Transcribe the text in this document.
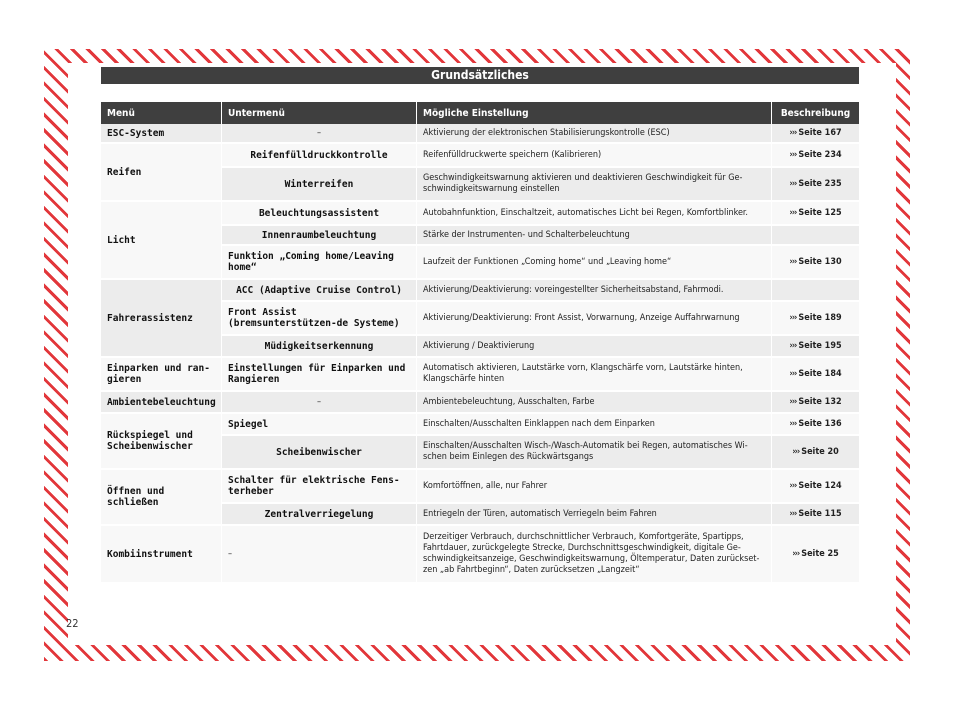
Grundsätzliches
Menü	Untermenü	Mögliche Einstellung	Beschreibung
ESC-System	–	Aktivierung der elektronischen Stabilisierungskontrolle (ESC)	››› Seite 167
Reifen	Reifenfülldruckkontrolle	Reifenfülldruckwerte speichern (Kalibrieren)	››› Seite 234
	Winterreifen	Geschwindigkeitswarnung aktivieren und deaktivieren Geschwindigkeit für Ge-schwindigkeitswarnung einstellen	››› Seite 235
Licht	Beleuchtungsassistent	Autobahnfunktion, Einschaltzeit, automatisches Licht bei Regen, Komfortblinker.	››› Seite 125
	Innenraumbeleuchtung	Stärke der Instrumenten- und Schalterbeleuchtung	
	Funktion „Coming home/Leaving home“	Laufzeit der Funktionen „Coming home“ und „Leaving home“	››› Seite 130
Fahrerassistenz	ACC (Adaptive Cruise Control)	Aktivierung/Deaktivierung: voreingestellter Sicherheitsabstand, Fahrmodi.	
	Front Assist (bremsunterstützen-de Systeme)	Aktivierung/Deaktivierung: Front Assist, Vorwarnung, Anzeige Auffahrwarnung	››› Seite 189
	Müdigkeitserkennung	Aktivierung / Deaktivierung	››› Seite 195
Einparken und ran-gieren	Einstellungen für Einparken und Rangieren	Automatisch aktivieren, Lautstärke vorn, Klangschärfe vorn, Lautstärke hinten, Klangschärfe hinten	››› Seite 184
Ambientebeleuchtung	–	Ambientebeleuchtung, Ausschalten, Farbe	››› Seite 132
Rückspiegel und Scheibenwischer	Spiegel	Einschalten/Ausschalten Einklappen nach dem Einparken	››› Seite 136
	Scheibenwischer	Einschalten/Ausschalten Wisch-/Wasch-Automatik bei Regen, automatisches Wi-schen beim Einlegen des Rückwärtsgangs	››› Seite 20
Öffnen und schließen	Schalter für elektrische Fens-terheber	Komfortöffnen, alle, nur Fahrer	››› Seite 124
	Zentralverriegelung	Entriegeln der Türen, automatisch Verriegeln beim Fahren	››› Seite 115
Kombiinstrument	–	Derzeitiger Verbrauch, durchschnittlicher Verbrauch, Komfortgeräte, Spartipps, Fahrtdauer, zurückgelegte Strecke, Durchschnittsgeschwindigkeit, digitale Ge-schwindigkeitsanzeige, Geschwindigkeitswarnung, Öltemperatur, Daten zurückset-zen „ab Fahrtbeginn“, Daten zurücksetzen „Langzeit“	››› Seite 25
22
